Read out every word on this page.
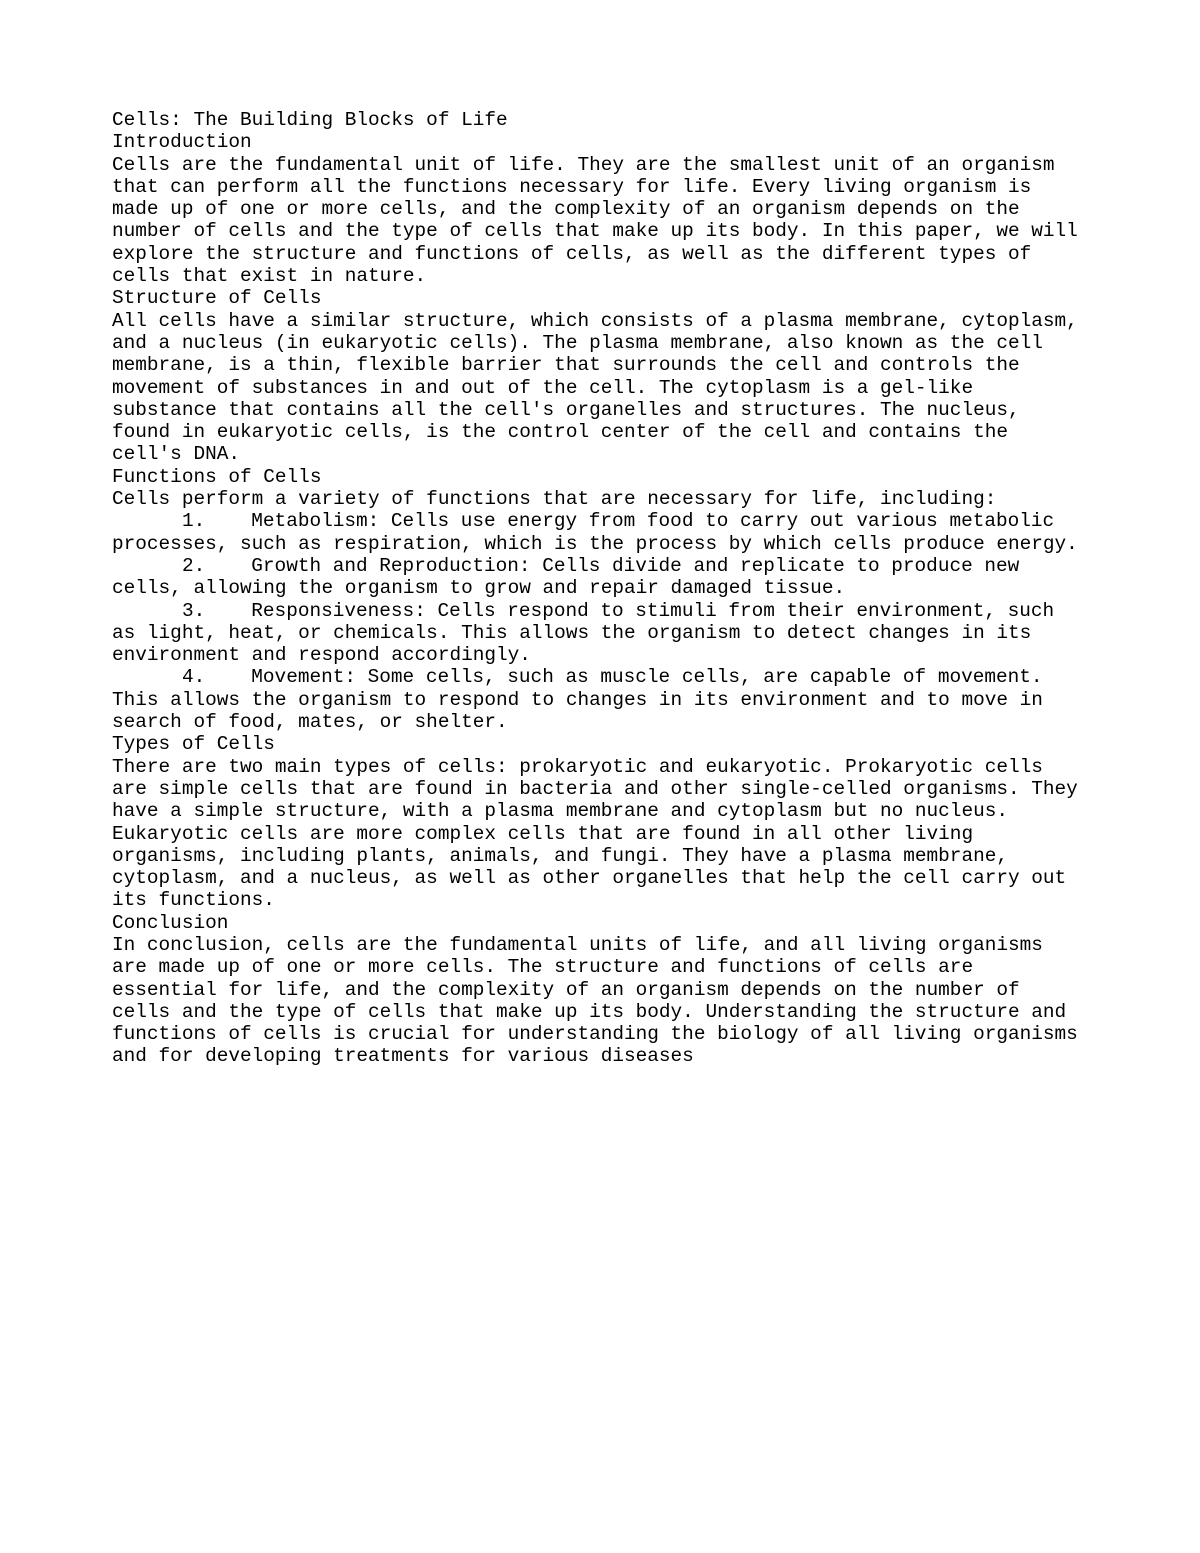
Cells: The Building Blocks of Life
Introduction
Cells are the fundamental unit of life. They are the smallest unit of an organism
that can perform all the functions necessary for life. Every living organism is
made up of one or more cells, and the complexity of an organism depends on the
number of cells and the type of cells that make up its body. In this paper, we will
explore the structure and functions of cells, as well as the different types of
cells that exist in nature.
Structure of Cells
All cells have a similar structure, which consists of a plasma membrane, cytoplasm,
and a nucleus (in eukaryotic cells). The plasma membrane, also known as the cell
membrane, is a thin, flexible barrier that surrounds the cell and controls the
movement of substances in and out of the cell. The cytoplasm is a gel-like
substance that contains all the cell's organelles and structures. The nucleus,
found in eukaryotic cells, is the control center of the cell and contains the
cell's DNA.
Functions of Cells
Cells perform a variety of functions that are necessary for life, including:
1. Metabolism: Cells use energy from food to carry out various metabolic
processes, such as respiration, which is the process by which cells produce energy.
2. Growth and Reproduction: Cells divide and replicate to produce new
cells, allowing the organism to grow and repair damaged tissue.
3. Responsiveness: Cells respond to stimuli from their environment, such
as light, heat, or chemicals. This allows the organism to detect changes in its
environment and respond accordingly.
4. Movement: Some cells, such as muscle cells, are capable of movement.
This allows the organism to respond to changes in its environment and to move in
search of food, mates, or shelter.
Types of Cells
There are two main types of cells: prokaryotic and eukaryotic. Prokaryotic cells
are simple cells that are found in bacteria and other single-celled organisms. They
have a simple structure, with a plasma membrane and cytoplasm but no nucleus.
Eukaryotic cells are more complex cells that are found in all other living
organisms, including plants, animals, and fungi. They have a plasma membrane,
cytoplasm, and a nucleus, as well as other organelles that help the cell carry out
its functions.
Conclusion
In conclusion, cells are the fundamental units of life, and all living organisms
are made up of one or more cells. The structure and functions of cells are
essential for life, and the complexity of an organism depends on the number of
cells and the type of cells that make up its body. Understanding the structure and
functions of cells is crucial for understanding the biology of all living organisms
and for developing treatments for various diseases
